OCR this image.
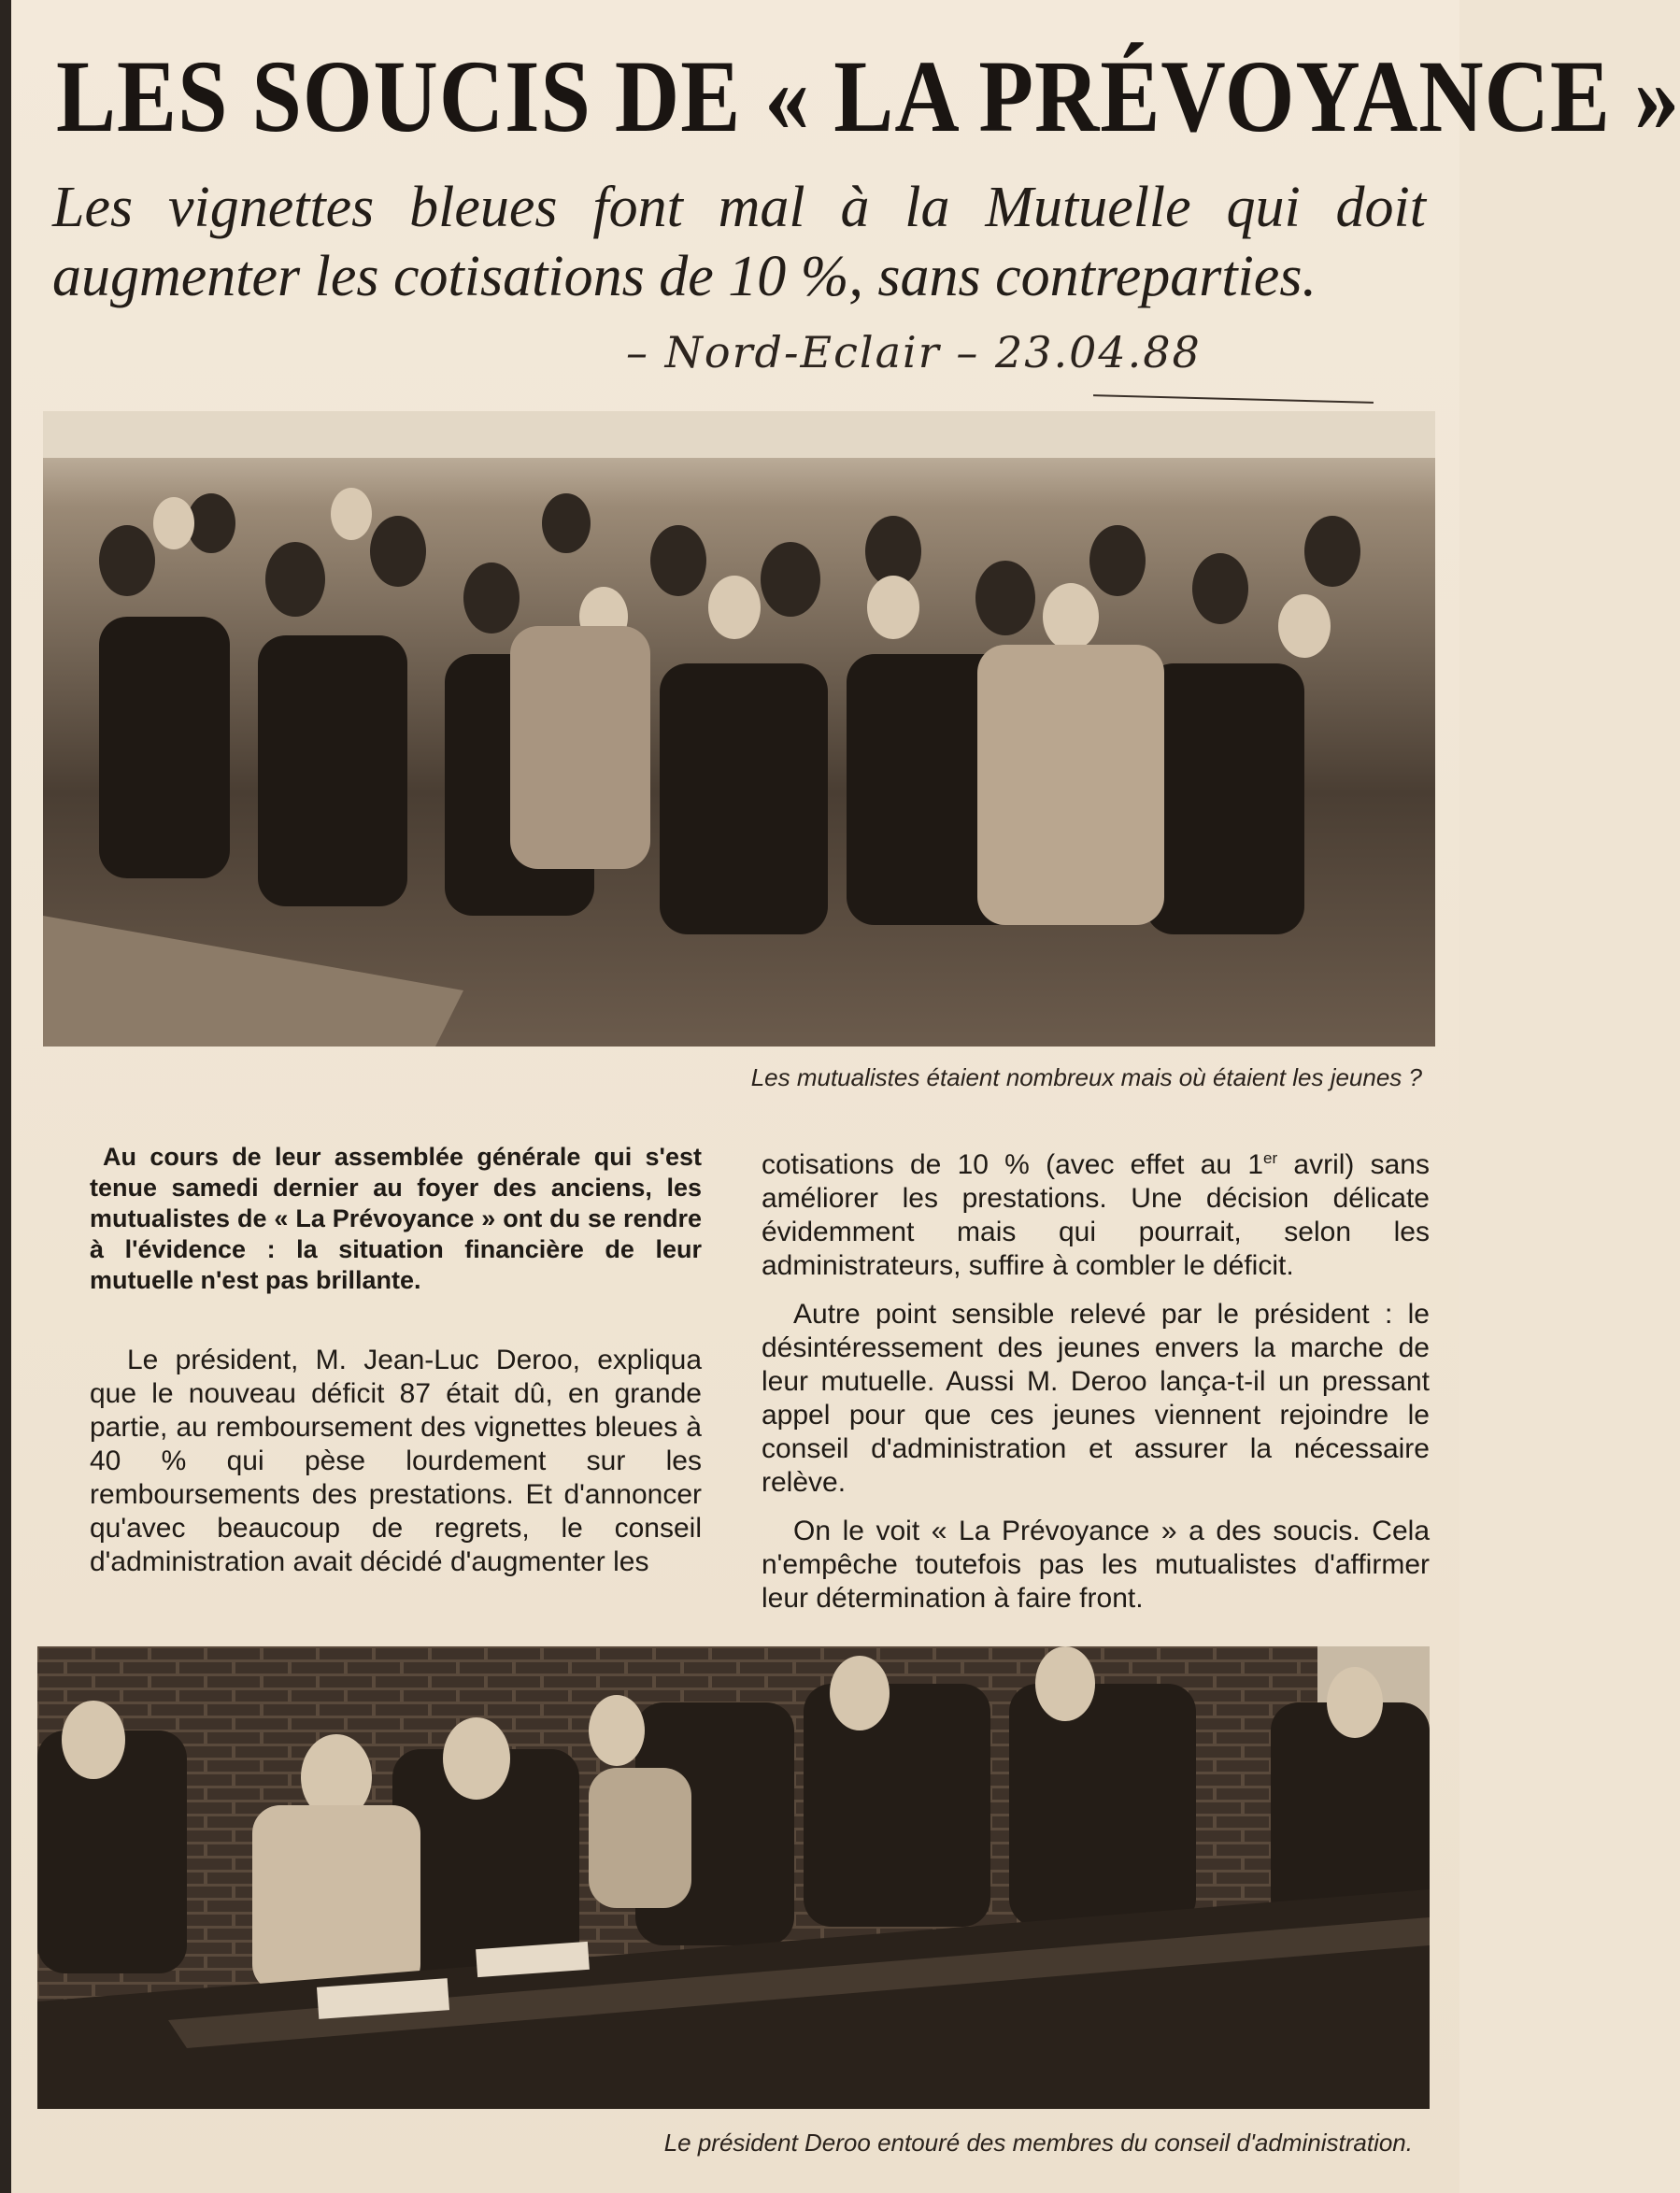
LES SOUCIS DE « LA PRÉVOYANCE »
Les vignettes bleues font mal à la Mutuelle qui doit augmenter les cotisations de 10 %, sans contreparties.
– Nord-Eclair – 23.04.88
Les mutualistes étaient nombreux mais où étaient les jeunes ?
Au cours de leur assemblée générale qui s'est tenue samedi dernier au foyer des anciens, les mutualistes de « La Prévoyance » ont du se rendre à l'évidence : la situation financière de leur mutuelle n'est pas brillante.
Le président, M. Jean-Luc Deroo, expliqua que le nouveau déficit 87 était dû, en grande partie, au remboursement des vignettes bleues à 40 % qui pèse lourdement sur les remboursements des prestations. Et d'annoncer qu'avec beaucoup de regrets, le conseil d'administration avait décidé d'augmenter les

cotisations de 10 % (avec effet au 1er avril) sans améliorer les prestations. Une décision délicate évidemment mais qui pourrait, selon les administrateurs, suffire à combler le déficit.

Autre point sensible relevé par le président : le désintéressement des jeunes envers la marche de leur mutuelle. Aussi M. Deroo lança-t-il un pressant appel pour que ces jeunes viennent rejoindre le conseil d'administration et assurer la nécessaire relève.

On le voit « La Prévoyance » a des soucis. Cela n'empêche toutefois pas les mutualistes d'affirmer leur détermination à faire front.

Le président Deroo entouré des membres du conseil d'administration.
